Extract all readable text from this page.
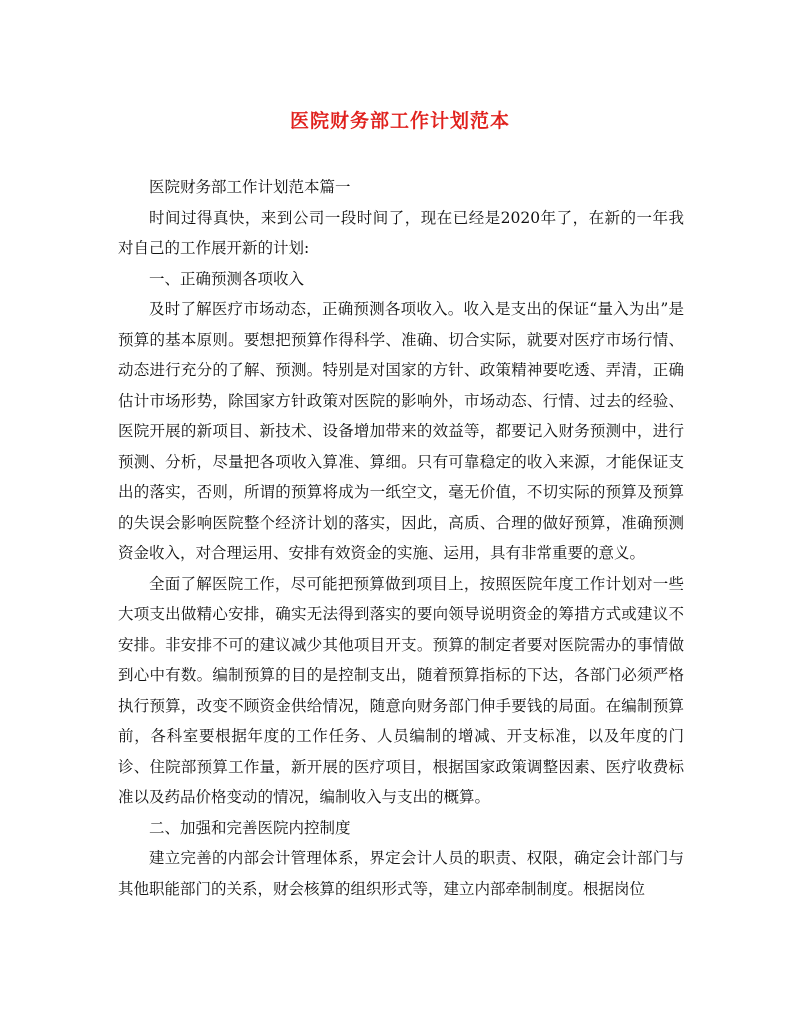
医院财务部工作计划范本

医院财务部工作计划范本篇一

时间过得真快，来到公司一段时间了，现在已经是2020年了，在新的一年我对自己的工作展开新的计划:

一、正确预测各项收入

及时了解医疗市场动态，正确预测各项收入。收入是支出的保证“量入为出”是预算的基本原则。要想把预算作得科学、准确、切合实际，就要对医疗市场行情、动态进行充分的了解、预测。特别是对国家的方针、政策精神要吃透、弄清，正确估计市场形势，除国家方针政策对医院的影响外，市场动态、行情、过去的经验、医院开展的新项目、新技术、设备增加带来的效益等，都要记入财务预测中，进行预测、分析，尽量把各项收入算准、算细。只有可靠稳定的收入来源，才能保证支出的落实，否则，所谓的预算将成为一纸空文，毫无价值，不切实际的预算及预算的失误会影响医院整个经济计划的落实，因此，高质、合理的做好预算，准确预测资金收入，对合理运用、安排有效资金的实施、运用，具有非常重要的意义。

全面了解医院工作，尽可能把预算做到项目上，按照医院年度工作计划对一些大项支出做精心安排，确实无法得到落实的要向领导说明资金的筹措方式或建议不安排。非安排不可的建议减少其他项目开支。预算的制定者要对医院需办的事情做到心中有数。编制预算的目的是控制支出，随着预算指标的下达，各部门必须严格执行预算，改变不顾资金供给情况，随意向财务部门伸手要钱的局面。在编制预算前，各科室要根据年度的工作任务、人员编制的增减、开支标准，以及年度的门诊、住院部预算工作量，新开展的医疗项目，根据国家政策调整因素、医疗收费标准以及药品价格变动的情况，编制收入与支出的概算。

二、加强和完善医院内控制度

建立完善的内部会计管理体系，界定会计人员的职责、权限，确定会计部门与其他职能部门的关系，财会核算的组织形式等，建立内部牵制制度。根据岗位
